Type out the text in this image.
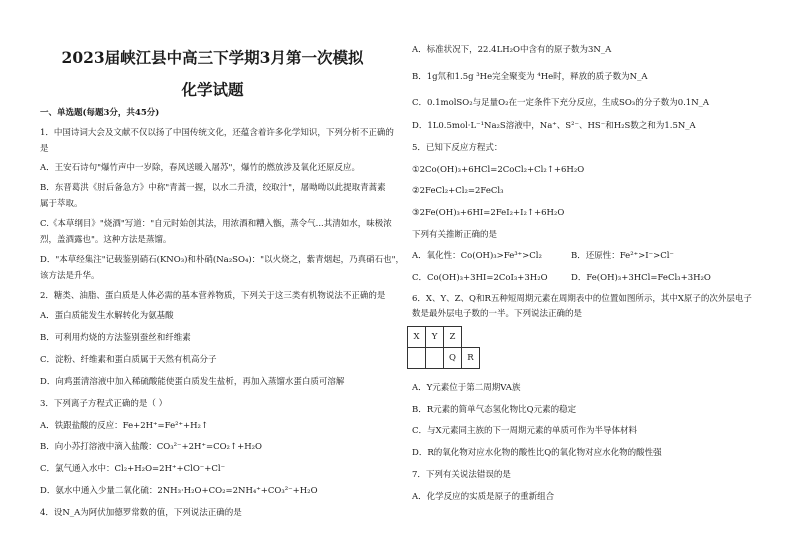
2023届峡江县中高三下学期3月第一次模拟
化学试题
一、单选题(每题3分，共45分)
1．中国诗词大会及文献不仅以扬了中国传统文化，还蕴含着许多化学知识，下列分析不正确的
是
A．王安石诗句"爆竹声中一岁除，春风送暖入屠苏"，爆竹的燃放涉及氧化还原反应。
B．东晋葛洪《肘后备急方》中称"青蒿一握，以水二升渍，绞取汁"，屠呦呦以此提取青蒿素
属于萃取。
C.《本草纲目》"烧酒"写道："自元时始创其法，用浓酒和糟入甑，蒸令气...其清如水，味极浓
烈，盖酒露也"。这种方法是蒸馏。
D．"本草经集注"记载鉴别硝石(KNO₃)和朴硝(Na₂SO₄)："以火烧之，紫青烟起，乃真硝石也"，
该方法是升华。
2．糖类、油脂、蛋白质是人体必需的基本营养物质，下列关于这三类有机物说法不正确的是
A．蛋白质能发生水解转化为氨基酸
B．可利用灼烧的方法鉴别蚕丝和纤维素
C．淀粉、纤维素和蛋白质属于天然有机高分子
D．向鸡蛋清溶液中加入稀硫酸能使蛋白质发生盐析，再加入蒸馏水蛋白质可溶解
3．下列离子方程式正确的是（ ）
A．铁跟盐酸的反应：Fe+2H⁺=Fe²⁺+H₂↑
B．向小苏打溶液中滴入盐酸：CO₃²⁻+2H⁺=CO₂↑+H₂O
C．氯气通入水中：Cl₂+H₂O=2H⁺+ClO⁻+Cl⁻
D．氨水中通入少量二氧化硫：2NH₃·H₂O+CO₂=2NH₄⁺+CO₃²⁻+H₂O
4．设N_A为阿伏加德罗常数的值，下列说法正确的是
A．标准状况下，22.4LH₂O中含有的原子数为3N_A
B．1g氘和1.5g ³He完全聚变为 ⁴He时，释放的质子数为N_A
C．0.1molSO₂与足量O₂在一定条件下充分反应，生成SO₃的分子数为0.1N_A
D．1L0.5mol·L⁻¹Na₂S溶液中，Na⁺、S²⁻、HS⁻和H₂S数之和为1.5N_A
5．已知下反应方程式：
①2Co(OH)₃+6HCl=2CoCl₂+Cl₂↑+6H₂O
②2FeCl₂+Cl₂=2FeCl₃
③2Fe(OH)₃+6HI=2FeI₂+I₂↑+6H₂O
下列有关推断正确的是
A．氧化性：Co(OH)₃>Fe³⁺>Cl₂	B．还原性：Fe²⁺>I⁻>Cl⁻
C．Co(OH)₃+3HI=2CoI₃+3H₂O	D．Fe(OH)₃+3HCl=FeCl₃+3H₂O
6．X、Y、Z、Q和R五种短周期元素在周期表中的位置如图所示，其中X原子的次外层电子
数是最外层电子数的一半。下列说法正确的是
X	Y	Z	
		Q	R
A．Y元素位于第二周期VA族
B．R元素的简单气态氢化物比Q元素的稳定
C．与X元素同主族的下一周期元素的单质可作为半导体材料
D．R的氧化物对应水化物的酸性比Q的氧化物对应水化物的酸性强
7．下列有关说法错误的是
A．化学反应的实质是原子的重新组合
